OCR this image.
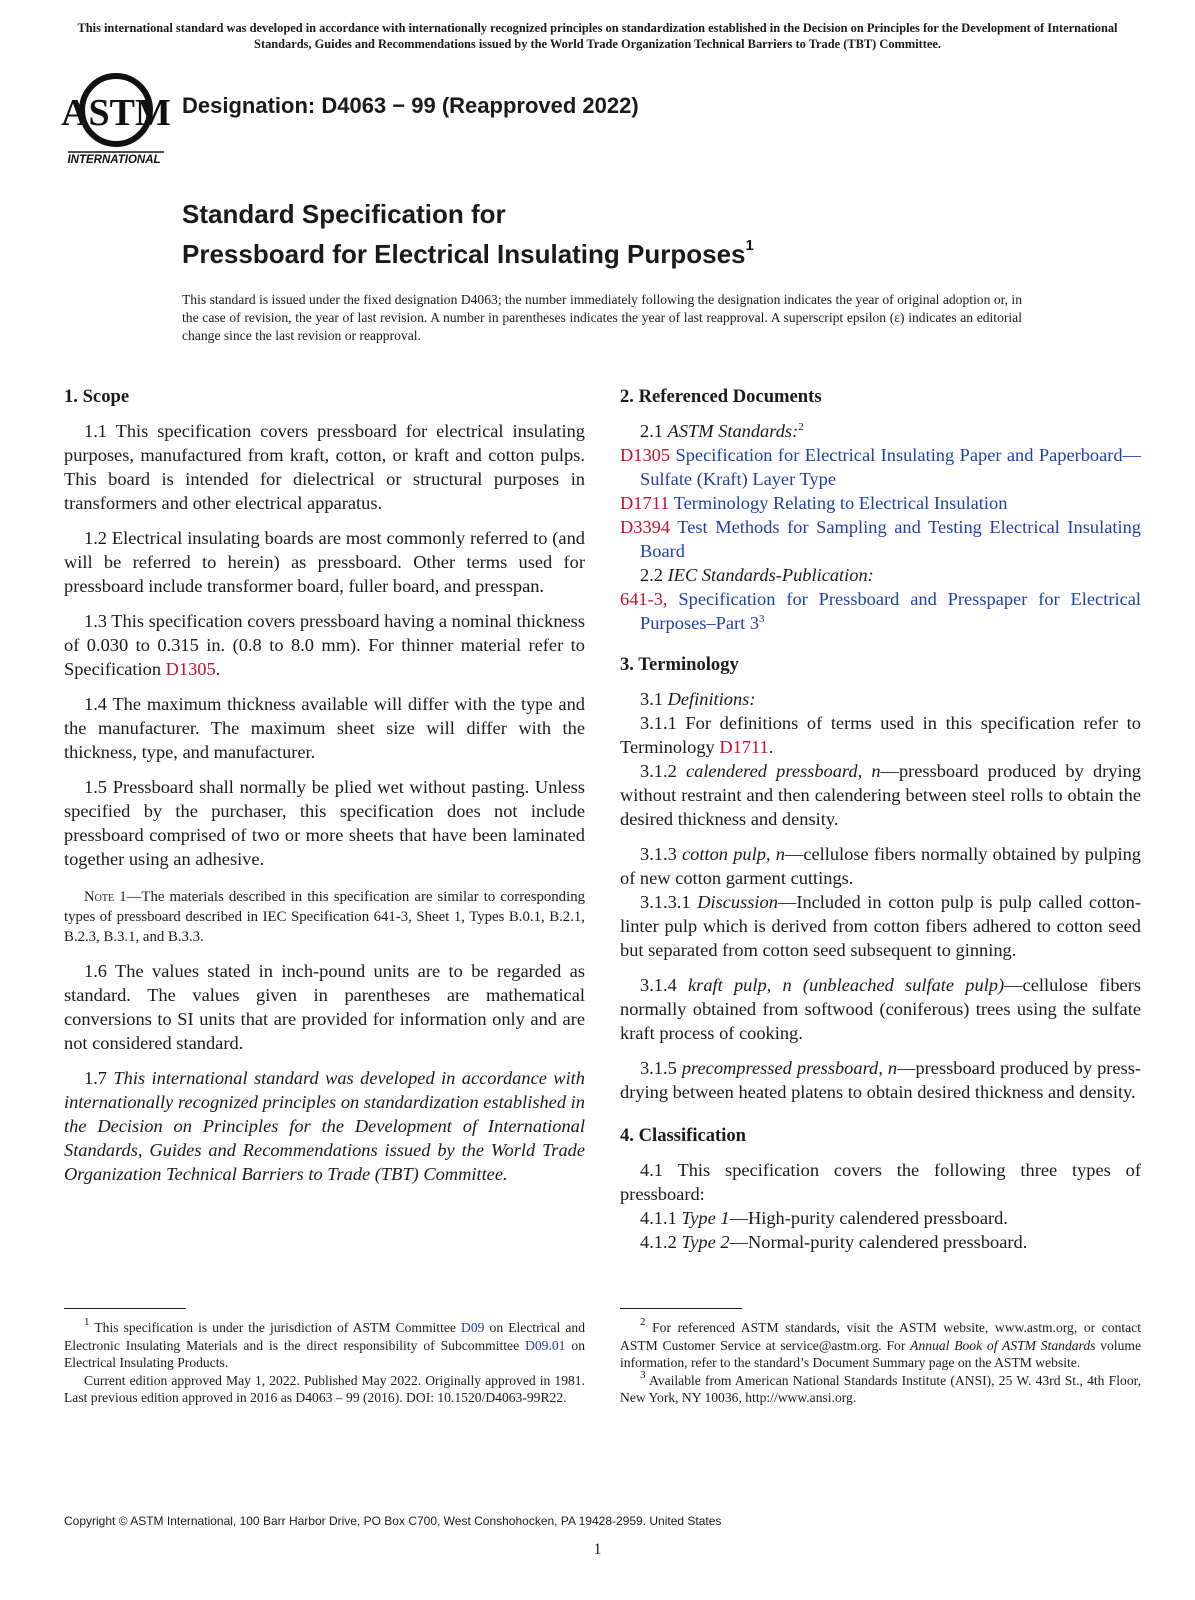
This international standard was developed in accordance with internationally recognized principles on standardization established in the Decision on Principles for the Development of International Standards, Guides and Recommendations issued by the World Trade Organization Technical Barriers to Trade (TBT) Committee.
ASTM
INTERNATIONAL
Designation: D4063 − 99 (Reapproved 2022)
Standard Specification for
Pressboard for Electrical Insulating Purposes$^1$
This standard is issued under the fixed designation D4063; the number immediately following the designation indicates the year of original adoption or, in the case of revision, the year of last revision. A number in parentheses indicates the year of last reapproval. A superscript epsilon (ε) indicates an editorial change since the last revision or reapproval.
1. Scope

1.1 This specification covers pressboard for electrical insulating purposes, manufactured from kraft, cotton, or kraft and cotton pulps. This board is intended for dielectrical or structural purposes in transformers and other electrical apparatus.

1.2 Electrical insulating boards are most commonly referred to (and will be referred to herein) as pressboard. Other terms used for pressboard include transformer board, fuller board, and presspan.

1.3 This specification covers pressboard having a nominal thickness of 0.030 to 0.315 in. (0.8 to 8.0 mm). For thinner material refer to Specification D1305.

1.4 The maximum thickness available will differ with the type and the manufacturer. The maximum sheet size will differ with the thickness, type, and manufacturer.

1.5 Pressboard shall normally be plied wet without pasting. Unless specified by the purchaser, this specification does not include pressboard comprised of two or more sheets that have been laminated together using an adhesive.

Note 1—The materials described in this specification are similar to corresponding types of pressboard described in IEC Specification 641-3, Sheet 1, Types B.0.1, B.2.1, B.2.3, B.3.1, and B.3.3.

1.6 The values stated in inch-pound units are to be regarded as standard. The values given in parentheses are mathematical conversions to SI units that are provided for information only and are not considered standard.

1.7 This international standard was developed in accordance with internationally recognized principles on standardization established in the Decision on Principles for the Development of International Standards, Guides and Recommendations issued by the World Trade Organization Technical Barriers to Trade (TBT) Committee.

2. Referenced Documents

2.1 ASTM Standards:$^2$

D1305 Specification for Electrical Insulating Paper and Paperboard—Sulfate (Kraft) Layer Type

D1711 Terminology Relating to Electrical Insulation

D3394 Test Methods for Sampling and Testing Electrical Insulating Board

2.2 IEC Standards-Publication:

641-3, Specification for Pressboard and Presspaper for Electrical Purposes–Part $3^3$

3. Terminology

3.1 Definitions:

3.1.1 For definitions of terms used in this specification refer to Terminology D1711.

3.1.2 calendered pressboard, n—pressboard produced by drying without restraint and then calendering between steel rolls to obtain the desired thickness and density.

3.1.3 cotton pulp, n—cellulose fibers normally obtained by pulping of new cotton garment cuttings.

3.1.3.1 Discussion—Included in cotton pulp is pulp called cotton-linter pulp which is derived from cotton fibers adhered to cotton seed but separated from cotton seed subsequent to ginning.

3.1.4 kraft pulp, n (unbleached sulfate pulp)—cellulose fibers normally obtained from softwood (coniferous) trees using the sulfate kraft process of cooking.

3.1.5 precompressed pressboard, n—pressboard produced by press-drying between heated platens to obtain desired thickness and density.

4. Classification

4.1 This specification covers the following three types of pressboard:

4.1.1 Type 1—High-purity calendered pressboard.

4.1.2 Type 2—Normal-purity calendered pressboard.

$^1$ This specification is under the jurisdiction of ASTM Committee D09 on Electrical and Electronic Insulating Materials and is the direct responsibility of Subcommittee D09.01 on Electrical Insulating Products.

Current edition approved May 1, 2022. Published May 2022. Originally approved in 1981. Last previous edition approved in 2016 as D4063 – 99 (2016). DOI: 10.1520/D4063-99R22.

$^2$ For referenced ASTM standards, visit the ASTM website, www.astm.org, or contact ASTM Customer Service at service@astm.org. For Annual Book of ASTM Standards volume information, refer to the standard’s Document Summary page on the ASTM website.

$^3$ Available from American National Standards Institute (ANSI), 25 W. 43rd St., 4th Floor, New York, NY 10036, http://www.ansi.org.

Copyright © ASTM International, 100 Barr Harbor Drive, PO Box C700, West Conshohocken, PA 19428-2959. United States
1
